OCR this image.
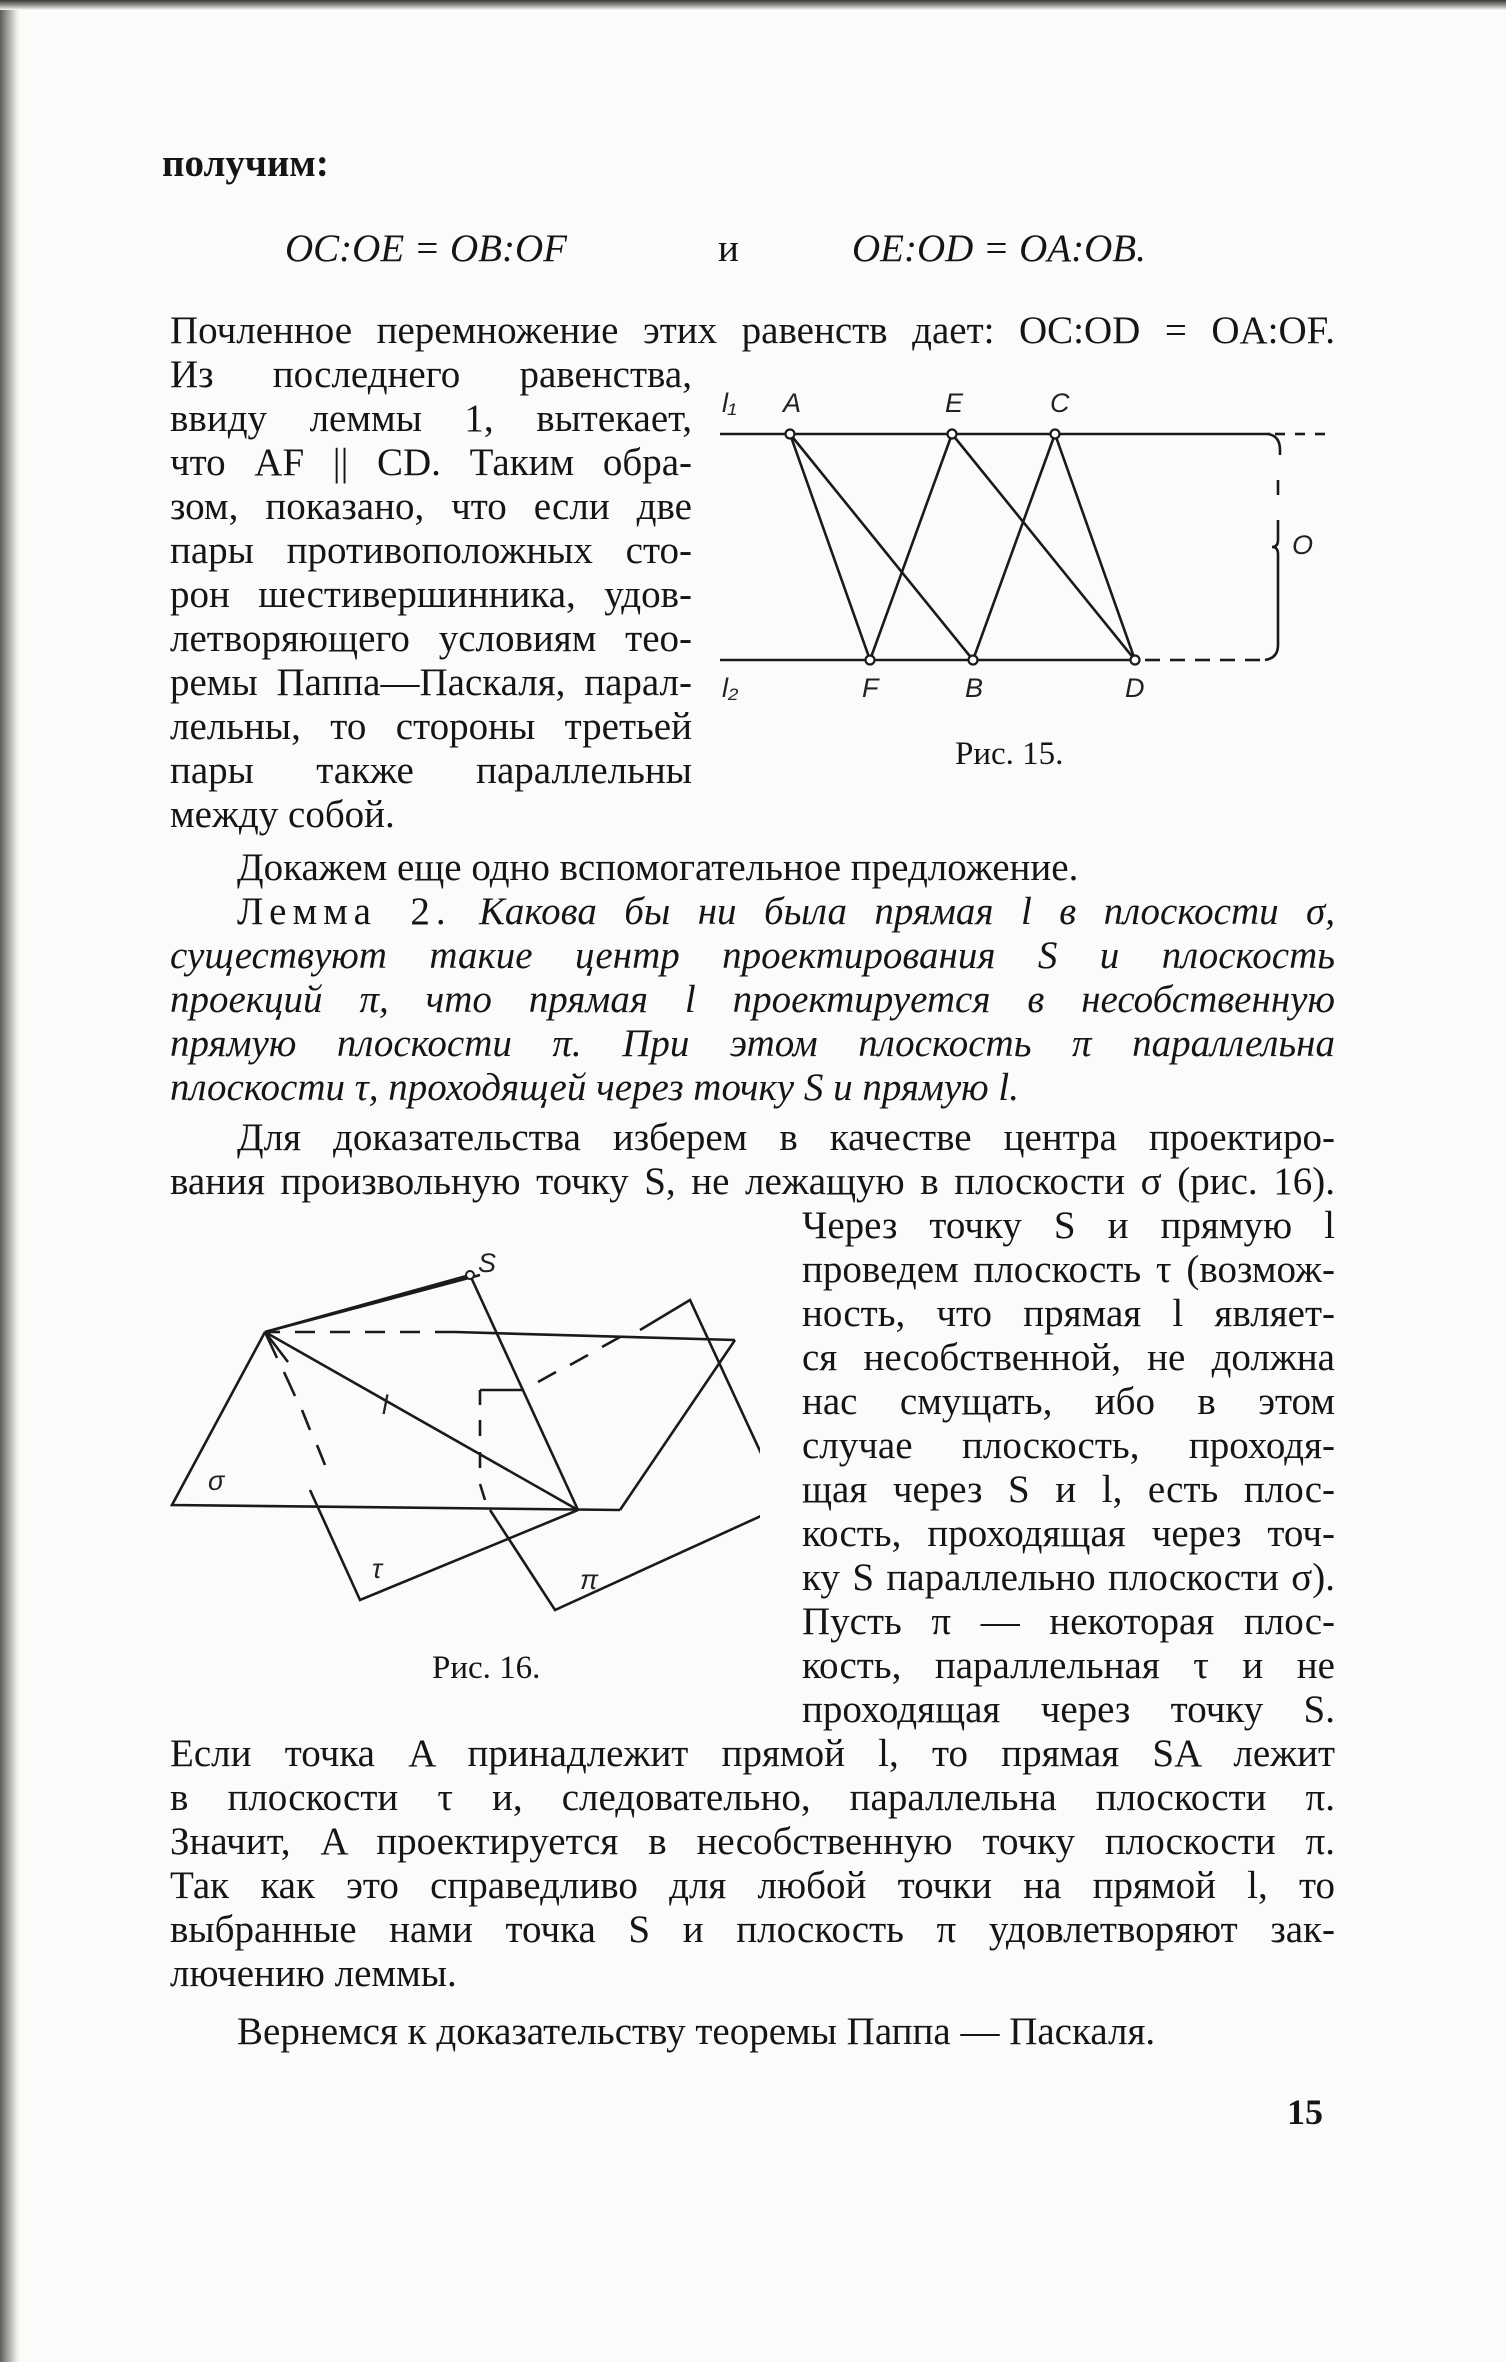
получим:

OC:OE = OB:OF	и	OE:OD = OA:OB.

Почленное перемножение этих равенств дает: OC:OD = OA:OF.

Из последнего равенства,

ввиду леммы 1, вытекает,

что AF || CD. Таким обра-

зом, показано, что если две

пары противоположных сто-

рон шестивершинника, удов-

летворяющего условиям тео-

ремы Паппа—Паскаля, парал-

лельны, то стороны третьей

пары также параллельны

между собой.

l₁ A	E	C
l₂	F	B	D
O

Рис. 15.

Докажем еще одно вспомогательное предложение.

Лемма 2. Какова бы ни была прямая l в плоскости σ,

существуют такие центр проектирования S и плоскость

проекций π, что прямая l проектируется в несобственную

прямую плоскости π. При этом плоскость π параллельна

плоскости τ, проходящей через точку S и прямую l.

Для доказательства изберем в качестве центра проектиро-

вания произвольную точку S, не лежащую в плоскости σ (рис. 16).

Через точку S и прямую l

проведем плоскость τ (возмож-

ность, что прямая l являет-

ся несобственной, не должна

нас смущать, ибо в этом

случае плоскость, проходя-

щая через S и l, есть плос-

кость, проходящая через точ-

ку S параллельно плоскости σ).

Пусть π — некоторая плос-

кость, параллельная τ и не

проходящая через точку S.

S
l
σ
τ	π

Рис. 16.

Если точка A принадлежит прямой l, то прямая SA лежит

в плоскости τ и, следовательно, параллельна плоскости π.

Значит, A проектируется в несобственную точку плоскости π.

Так как это справедливо для любой точки на прямой l, то

выбранные нами точка S и плоскость π удовлетворяют зак-

лючению леммы.

Вернемся к доказательству теоремы Паппа — Паскаля.

15
